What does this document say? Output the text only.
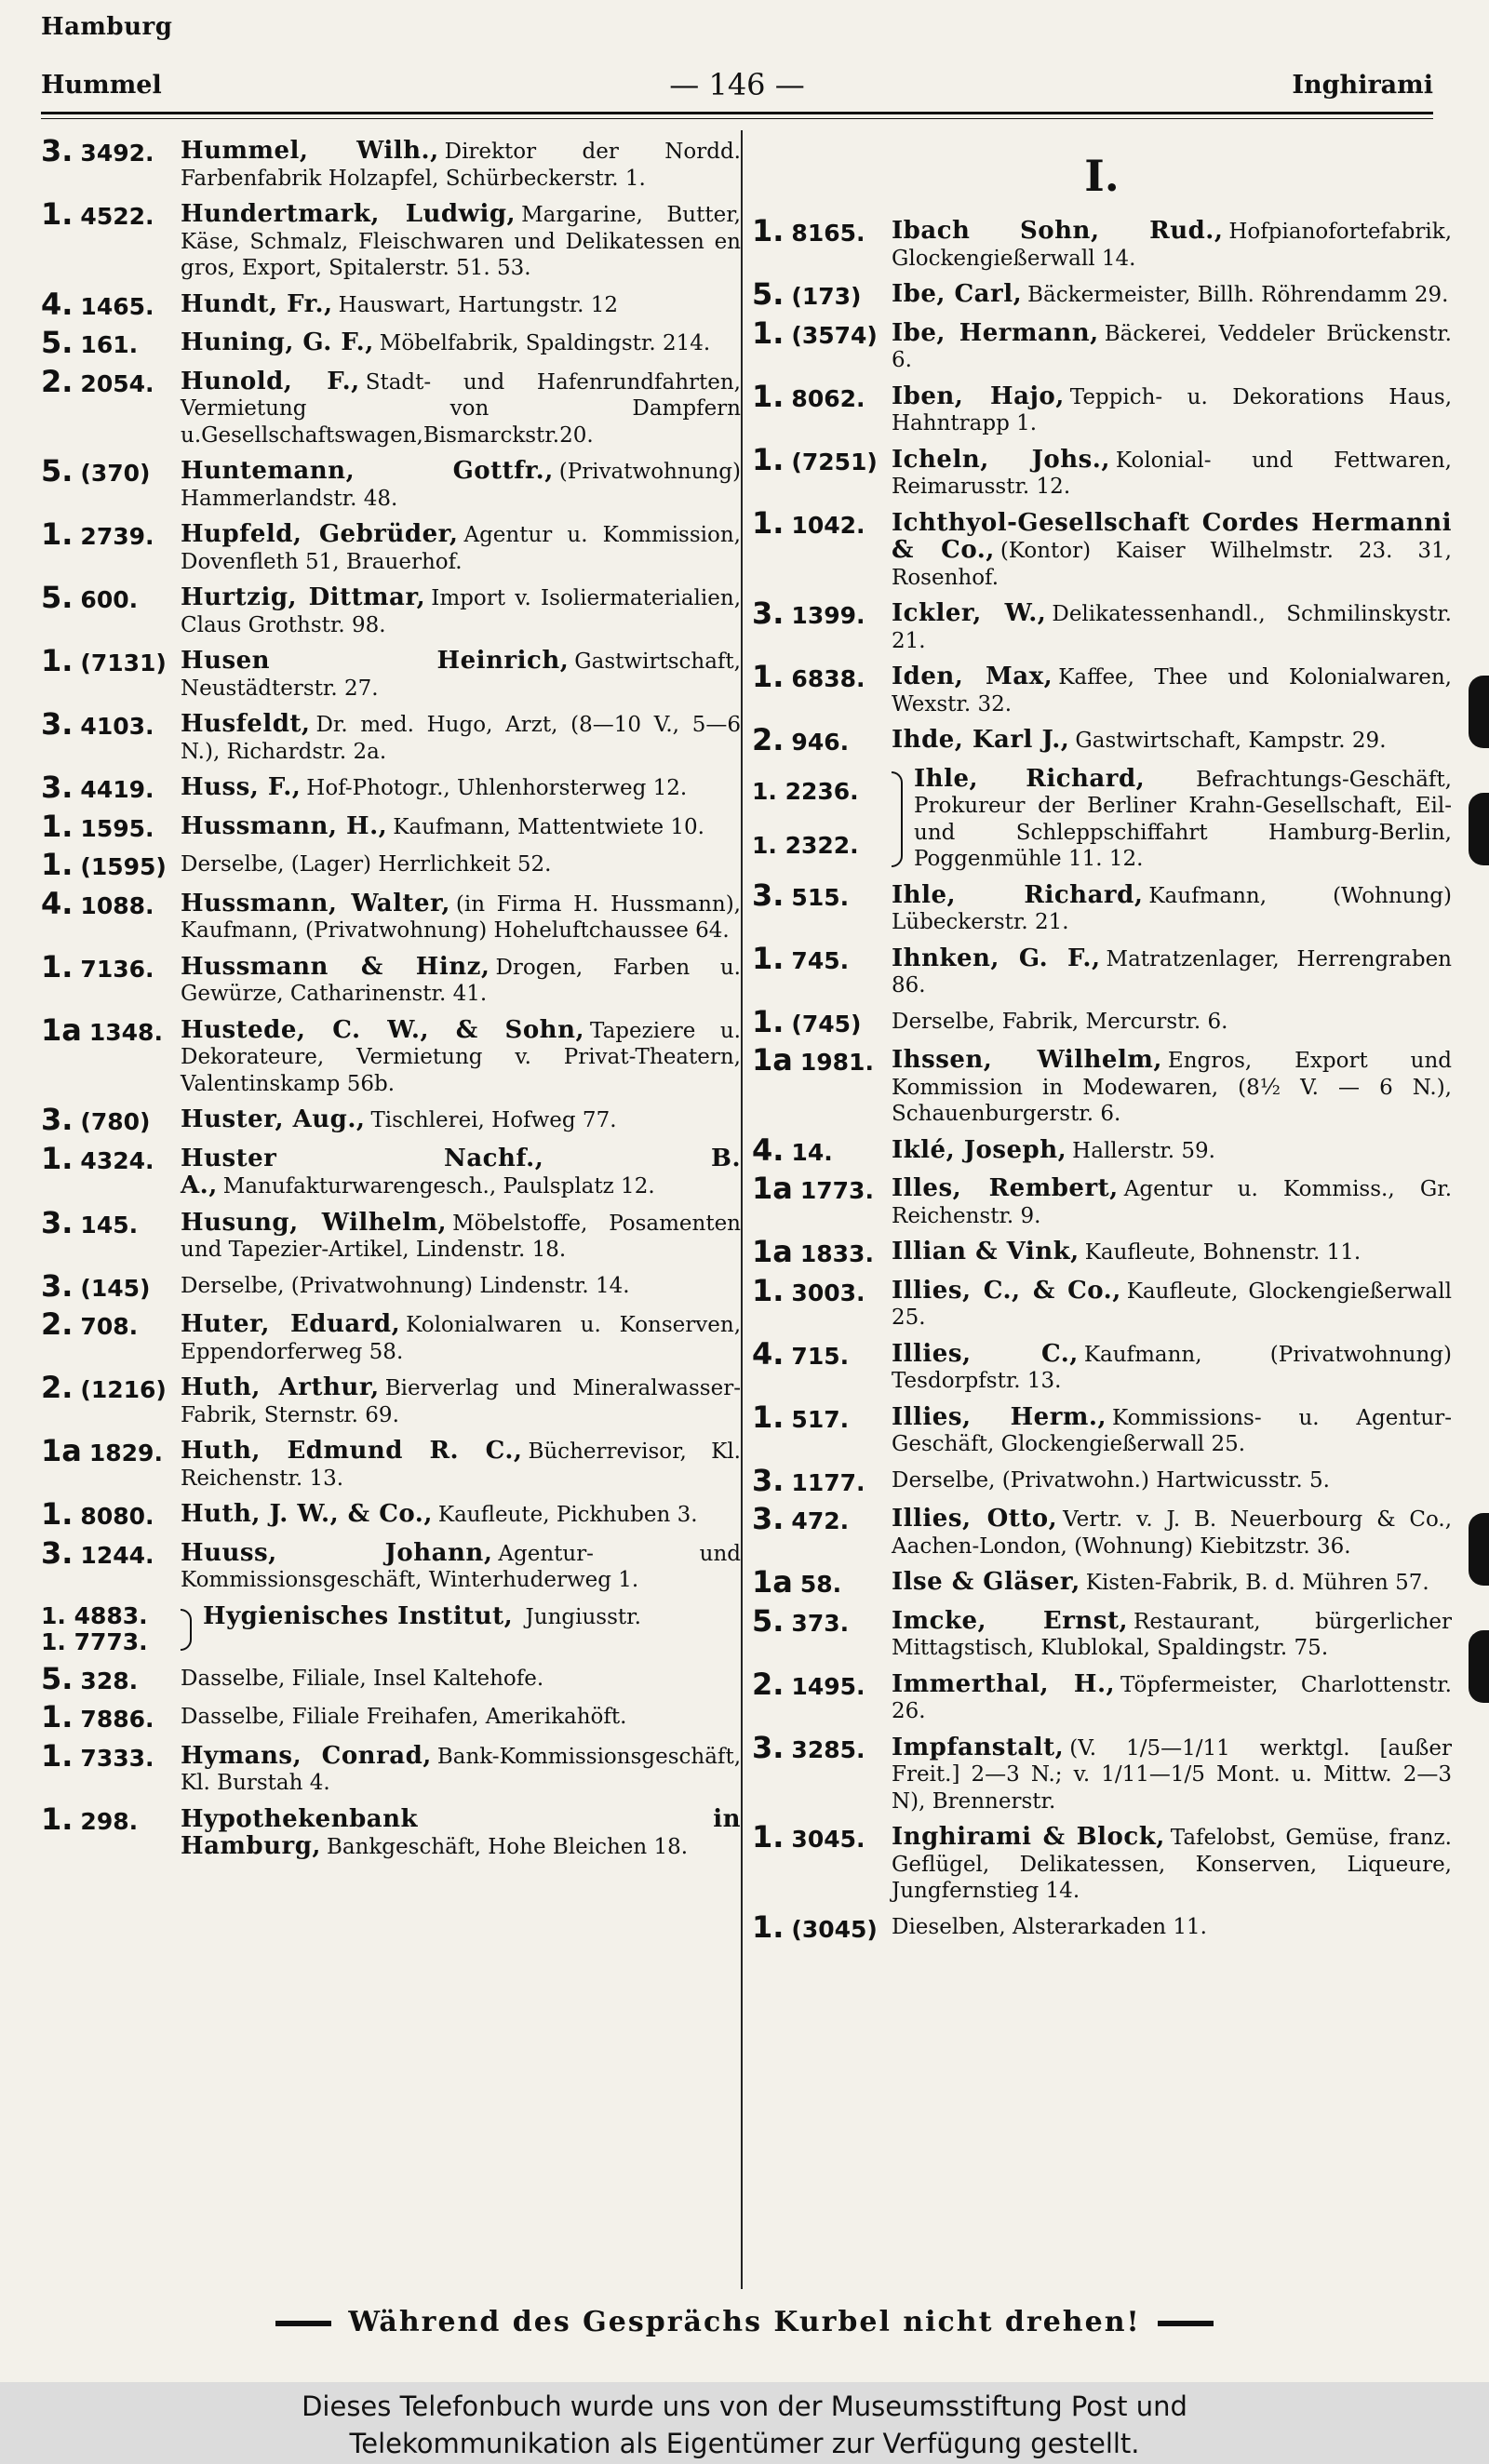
Hamburg
Hummel	— 146 —	Inghirami
3. 3492.	Hummel, Wilh., Direktor der Nordd. Farbenfabrik Holzapfel, Schürbeckerstr. 1.
1. 4522.	Hundertmark, Ludwig, Margarine, Butter, Käse, Schmalz, Fleischwaren und Delikatessen en gros, Export, Spitalerstr. 51. 53.
4. 1465.	Hundt, Fr., Hauswart, Hartungstr. 12
5. 161.	Huning, G. F., Möbelfabrik, Spaldingstr. 214.
2. 2054.	Hunold, F., Stadt- und Hafenrundfahrten, Vermietung von Dampfern u.Gesellschaftswagen,Bismarckstr.20.
5. (370)	Huntemann, Gottfr., (Privatwohnung) Hammerlandstr. 48.
1. 2739.	Hupfeld, Gebrüder, Agentur u. Kommission, Dovenfleth 51, Brauerhof.
5. 600.	Hurtzig, Dittmar, Import v. Isoliermaterialien, Claus Grothstr. 98.
1. (7131) Husen Heinrich, Gastwirtschaft, Neustädterstr. 27.
3. 4103.	Husfeldt, Dr. med. Hugo, Arzt, (8—10 V., 5—6 N.), Richardstr. 2a.
3. 4419.	Huss, F., Hof-Photogr., Uhlenhorsterweg 12.
1. 1595.	Hussmann, H., Kaufmann, Mattentwiete 10.
1. (1595) Derselbe, (Lager) Herrlichkeit 52.
4. 1088.	Hussmann, Walter, (in Firma H. Hussmann), Kaufmann, (Privatwohnung) Hoheluftchaussee 64.
1. 7136.	Hussmann & Hinz, Drogen, Farben u. Gewürze, Catharinenstr. 41.
1a 1348. Hustede, C. W., & Sohn, Tapeziere u. Dekorateure, Vermietung v. Privat-Theatern, Valentinskamp 56b.
3. (780)	Huster, Aug., Tischlerei, Hofweg 77.
1. 4324.	Huster Nachf., B. A., Manufakturwarengesch., Paulsplatz 12.
3. 145.	Husung, Wilhelm, Möbelstoffe, Posamenten und Tapezier-Artikel, Lindenstr. 18.
3. (145)	Derselbe, (Privatwohnung) Lindenstr. 14.
2. 708.	Huter, Eduard, Kolonialwaren u. Konserven, Eppendorferweg 58.
2. (1216) Huth, Arthur, Bierverlag und Mineralwasser-Fabrik, Sternstr. 69.
1a 1829. Huth, Edmund R. C., Bücherrevisor, Kl. Reichenstr. 13.
1. 8080.	Huth, J. W., & Co., Kaufleute, Pickhuben 3.
3. 1244.	Huuss, Johann, Agentur- und Kommissionsgeschäft, Winterhuderweg 1.
1. 4883.
1. 7773.
Hygienisches Institut, Jungiusstr.
5. 328.	Dasselbe, Filiale, Insel Kaltehofe.
1. 7886.	Dasselbe, Filiale Freihafen, Amerikahöft.
1. 7333.	Hymans, Conrad, Bank-Kommissionsgeschäft, Kl. Burstah 4.
1. 298.	Hypothekenbank in Hamburg, Bankgeschäft, Hohe Bleichen 18.
I.
1. 8165.	Ibach Sohn, Rud., Hofpianofortefabrik, Glockengießerwall 14.
5. (173)	Ibe, Carl, Bäckermeister, Billh. Röhrendamm 29.
1. (3574) Ibe, Hermann, Bäckerei, Veddeler Brückenstr. 6.
1. 8062.	Iben, Hajo, Teppich- u. Dekorations Haus, Hahntrapp 1.
1. (7251) Icheln, Johs., Kolonial- und Fettwaren, Reimarusstr. 12.
1. 1042.	Ichthyol-Gesellschaft Cordes Hermanni & Co., (Kontor) Kaiser Wilhelmstr. 23. 31, Rosenhof.
3. 1399.	Ickler, W., Delikatessenhandl., Schmilinskystr. 21.
1. 6838.	Iden, Max, Kaffee, Thee und Kolonialwaren, Wexstr. 32.
2. 946.	Ihde, Karl J., Gastwirtschaft, Kampstr. 29.
1. 2236.
1. 2322.
Ihle, Richard, Befrachtungs-Geschäft, Prokureur der Berliner Krahn-Gesellschaft, Eil- und Schleppschiffahrt Hamburg-Berlin, Poggenmühle 11. 12.
3. 515.	Ihle, Richard, Kaufmann, (Wohnung) Lübeckerstr. 21.
1. 745.	Ihnken, G. F., Matratzenlager, Herrengraben 86.
1. (745)	Derselbe, Fabrik, Mercurstr. 6.
1a 1981. Ihssen, Wilhelm, Engros, Export und Kommission in Modewaren, (8½ V. — 6 N.), Schauenburgerstr. 6.
4. 14.	Iklé, Joseph, Hallerstr. 59.
1a 1773. Illes, Rembert, Agentur u. Kommiss., Gr. Reichenstr. 9.
1a 1833. Illian & Vink, Kaufleute, Bohnenstr. 11.
1. 3003.	Illies, C., & Co., Kaufleute, Glockengießerwall 25.
4. 715.	Illies, C., Kaufmann, (Privatwohnung) Tesdorpfstr. 13.
1. 517.	Illies, Herm., Kommissions- u. Agentur-Geschäft, Glockengießerwall 25.
3. 1177.	Derselbe, (Privatwohn.) Hartwicusstr. 5.
3. 472.	Illies, Otto, Vertr. v. J. B. Neuerbourg & Co., Aachen-London, (Wohnung) Kiebitzstr. 36.
1a 58.	Ilse & Gläser, Kisten-Fabrik, B. d. Mühren 57.
5. 373.	Imcke, Ernst, Restaurant, bürgerlicher Mittagstisch, Klublokal, Spaldingstr. 75.
2. 1495.	Immerthal, H., Töpfermeister, Charlottenstr. 26.
3. 3285.	Impfanstalt, (V. 1/5—1/11 werktgl. [außer Freit.] 2—3 N.; v. 1/11—1/5 Mont. u. Mittw. 2—3 N), Brennerstr.
1. 3045.	Inghirami & Block, Tafelobst, Gemüse, franz. Geflügel, Delikatessen, Konserven, Liqueure, Jungfernstieg 14.
1. (3045) Dieselben, Alsterarkaden 11.
Während des Gesprächs Kurbel nicht drehen!
Dieses Telefonbuch wurde uns von der Museumsstiftung Post und
Telekommunikation als Eigentümer zur Verfügung gestellt.
